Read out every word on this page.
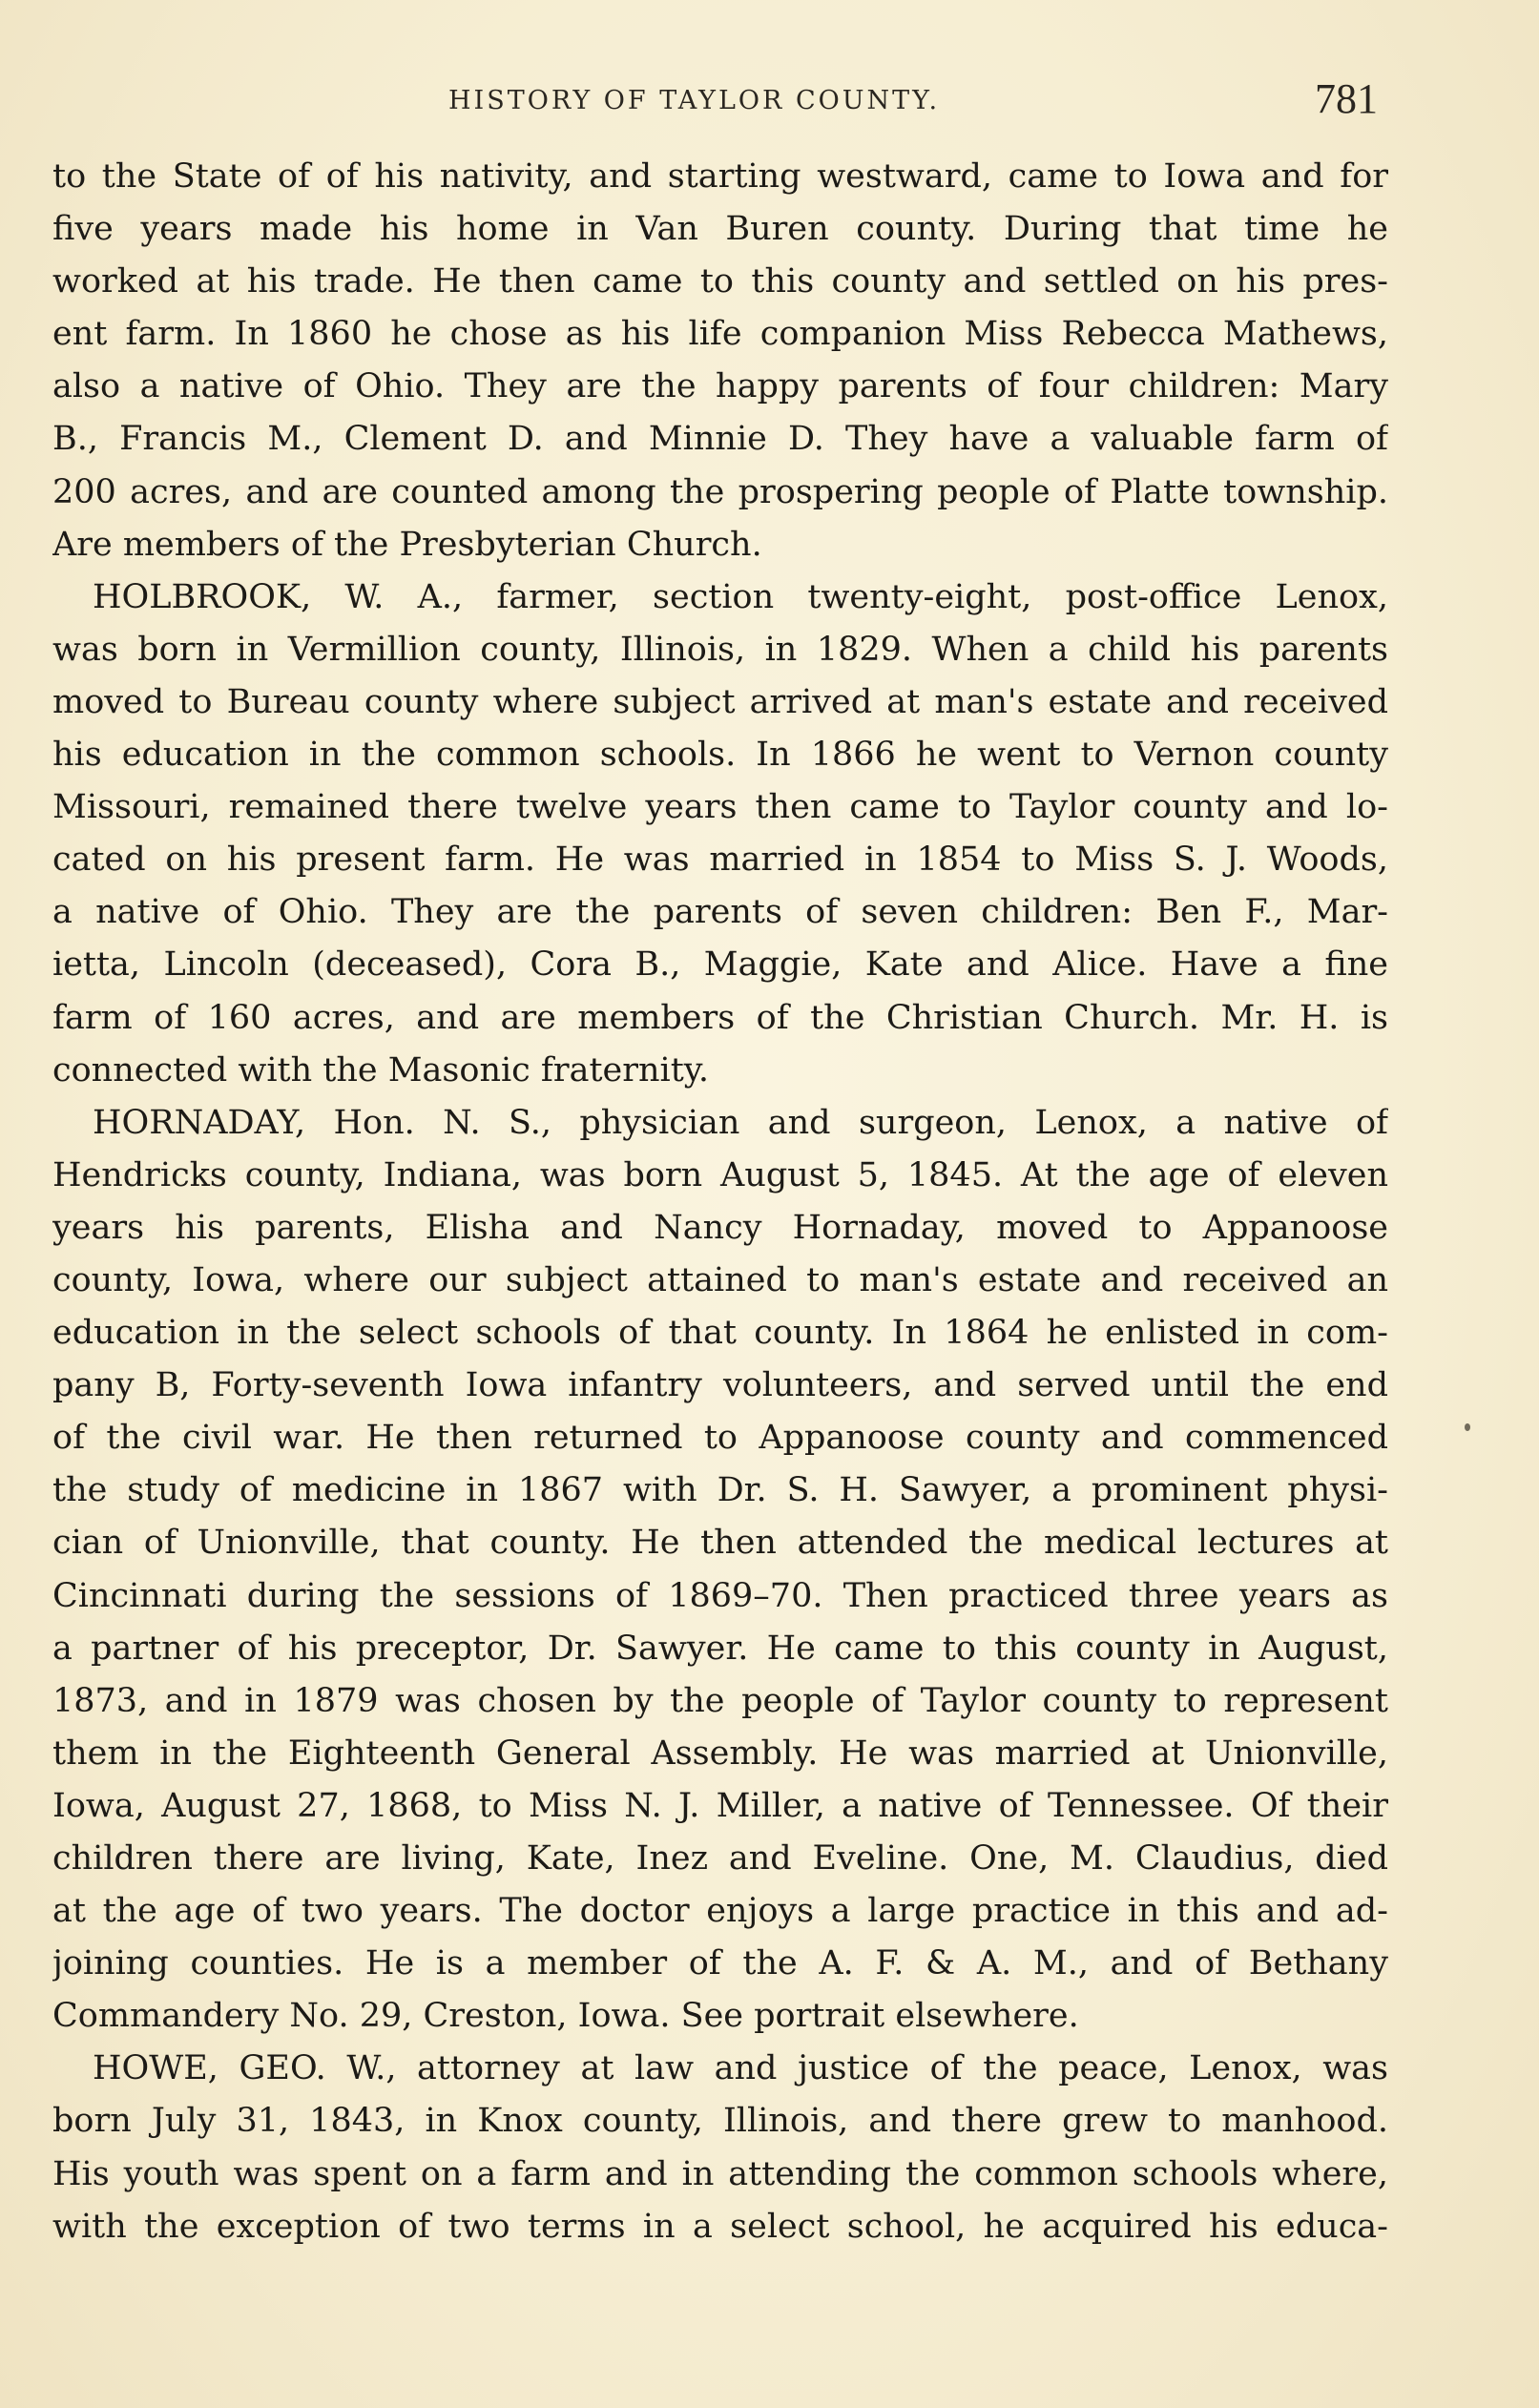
HISTORY OF TAYLOR COUNTY.	781
to the State of of his nativity, and starting westward, came to Iowa and for
five years made his home in Van Buren county. During that time he
worked at his trade. He then came to this county and settled on his pres-
ent farm. In 1860 he chose as his life companion Miss Rebecca Mathews,
also a native of Ohio. They are the happy parents of four children: Mary
B., Francis M., Clement D. and Minnie D. They have a valuable farm of
200 acres, and are counted among the prospering people of Platte township.
Are members of the Presbyterian Church.
HOLBROOK, W. A., farmer, section twenty-eight, post-office Lenox,
was born in Vermillion county, Illinois, in 1829. When a child his parents
moved to Bureau county where subject arrived at man's estate and received
his education in the common schools. In 1866 he went to Vernon county
Missouri, remained there twelve years then came to Taylor county and lo-
cated on his present farm. He was married in 1854 to Miss S. J. Woods,
a native of Ohio. They are the parents of seven children: Ben F., Mar-
ietta, Lincoln (deceased), Cora B., Maggie, Kate and Alice. Have a fine
farm of 160 acres, and are members of the Christian Church. Mr. H. is
connected with the Masonic fraternity.
HORNADAY, Hon. N. S., physician and surgeon, Lenox, a native of
Hendricks county, Indiana, was born August 5, 1845. At the age of eleven
years his parents, Elisha and Nancy Hornaday, moved to Appanoose
county, Iowa, where our subject attained to man's estate and received an
education in the select schools of that county. In 1864 he enlisted in com-
pany B, Forty-seventh Iowa infantry volunteers, and served until the end
of the civil war. He then returned to Appanoose county and commenced
the study of medicine in 1867 with Dr. S. H. Sawyer, a prominent physi-
cian of Unionville, that county. He then attended the medical lectures at
Cincinnati during the sessions of 1869–70. Then practiced three years as
a partner of his preceptor, Dr. Sawyer. He came to this county in August,
1873, and in 1879 was chosen by the people of Taylor county to represent
them in the Eighteenth General Assembly. He was married at Unionville,
Iowa, August 27, 1868, to Miss N. J. Miller, a native of Tennessee. Of their
children there are living, Kate, Inez and Eveline. One, M. Claudius, died
at the age of two years. The doctor enjoys a large practice in this and ad-
joining counties. He is a member of the A. F. & A. M., and of Bethany
Commandery No. 29, Creston, Iowa. See portrait elsewhere.
HOWE, GEO. W., attorney at law and justice of the peace, Lenox, was
born July 31, 1843, in Knox county, Illinois, and there grew to manhood.
His youth was spent on a farm and in attending the common schools where,
with the exception of two terms in a select school, he acquired his educa-
